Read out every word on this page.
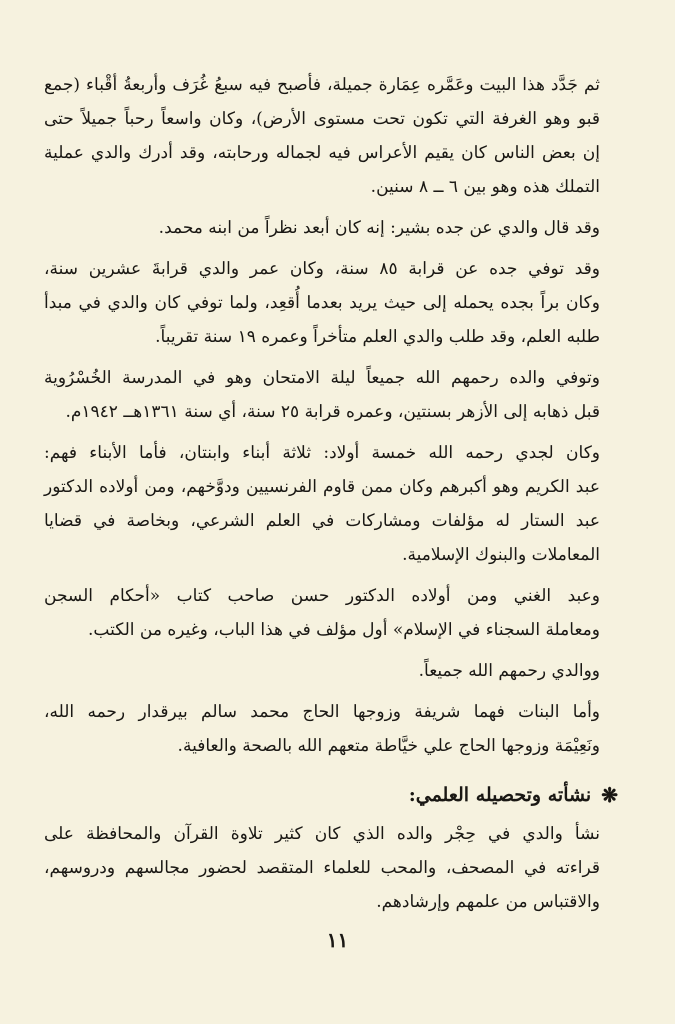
ثم جَدَّد هذا البيت وعَمَّره عِمَارة جميلة، فأصبح فيه سبعُ غُرَف وأربعةُ أقْباء (جمع
قبو وهو الغرفة التي تكون تحت مستوى الأرض)، وكان واسعاً رحباً جميلاً حتى
إن بعض الناس كان يقيم الأعراس فيه لجماله ورحابته، وقد أدرك والدي عملية
التملك هذه وهو بين ٦ ــ ٨ سنين.

وقد قال والدي عن جده بشير: إنه كان أبعد نظراً من ابنه محمد.

وقد توفي جده عن قرابة ٨٥ سنة، وكان عمر والدي قرابةَ عشرين سنة،
وكان براً بجده يحمله إلى حيث يريد بعدما أُقعِد، ولما توفي كان والدي في مبدأ
طلبه العلم، وقد طلب والدي العلم متأخراً وعمره ١٩ سنة تقريباً.

وتوفي والده رحمهم الله جميعاً ليلة الامتحان وهو في المدرسة الخُسْرُوية
قبل ذهابه إلى الأزهر بسنتين، وعمره قرابة ٢٥ سنة، أي سنة ١٣٦١هــ ١٩٤٢م.

وكان لجدي رحمه الله خمسة أولاد: ثلاثة أبناء وابنتان، فأما الأبناء فهم:
عبد الكريم وهو أكبرهم وكان ممن قاوم الفرنسيين ودوَّخهم، ومن أولاده الدكتور
عبد الستار له مؤلفات ومشاركات في العلم الشرعي، وبخاصة في قضايا
المعاملات والبنوك الإسلامية.

وعبد الغني ومن أولاده الدكتور حسن صاحب كتاب «أحكام السجن
ومعاملة السجناء في الإسلام» أول مؤلف في هذا الباب، وغيره من الكتب.

ووالدي رحمهم الله جميعاً.

وأما البنات فهما شريفة وزوجها الحاج محمد سالم بيرقدار رحمه الله،
ونَعِيْمَة وزوجها الحاج علي خيَّاطة متعهم الله بالصحة والعافية.

❋
نشأته وتحصيله العلمي:

نشأ والدي في حِجْر والده الذي كان كثير تلاوة القرآن والمحافظة على
قراءته في المصحف، والمحب للعلماء المتقصد لحضور مجالسهم ودروسهم،
والاقتباس من علمهم وإرشادهم.

١١
